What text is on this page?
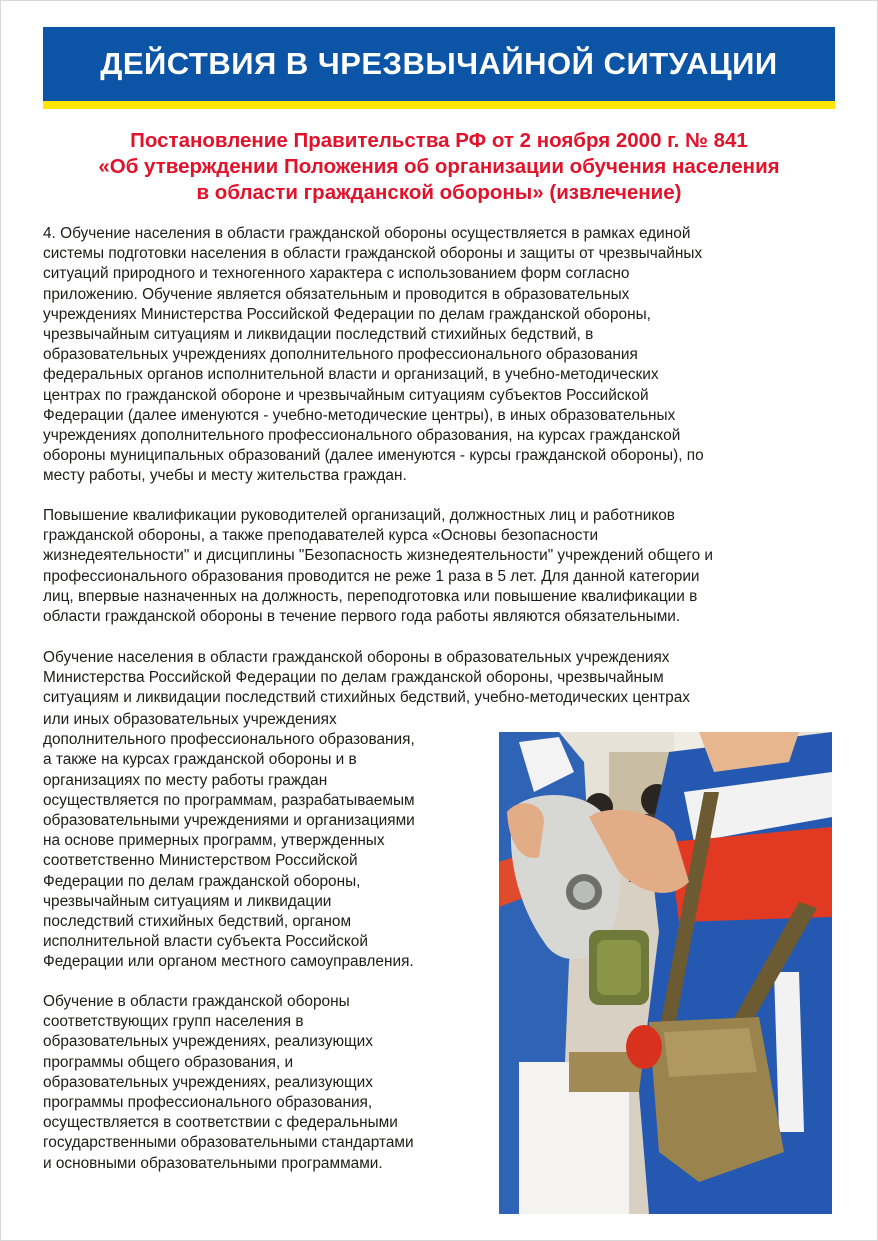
ДЕЙСТВИЯ В ЧРЕЗВЫЧАЙНОЙ СИТУАЦИИ
Постановление Правительства РФ от 2 ноября 2000 г. № 841
«Об утверждении Положения об организации обучения населения
в области гражданской обороны» (извлечение)
4. Обучение населения в области гражданской обороны осуществляется в рамках единой
системы подготовки населения в области гражданской обороны и защиты от чрезвычайных
ситуаций природного и техногенного характера с использованием форм согласно
приложению. Обучение является обязательным и проводится в образовательных
учреждениях Министерства Российской Федерации по делам гражданской обороны,
чрезвычайным ситуациям и ликвидации последствий стихийных бедствий, в
образовательных учреждениях дополнительного профессионального образования
федеральных органов исполнительной власти и организаций, в учебно-методических
центрах по гражданской обороне и чрезвычайным ситуациям субъектов Российской
Федерации (далее именуются - учебно-методические центры), в иных образовательных
учреждениях дополнительного профессионального образования, на курсах гражданской
обороны муниципальных образований (далее именуются - курсы гражданской обороны), по
месту работы, учебы и месту жительства граждан.
Повышение квалификации руководителей организаций, должностных лиц и работников
гражданской обороны, а также преподавателей курса «Основы безопасности
жизнедеятельности" и дисциплины "Безопасность жизнедеятельности" учреждений общего и
профессионального образования проводится не реже 1 раза в 5 лет. Для данной категории
лиц, впервые назначенных на должность, переподготовка или повышение квалификации в
области гражданской обороны в течение первого года работы являются обязательными.
Обучение населения в области гражданской обороны в образовательных учреждениях
Министерства Российской Федерации по делам гражданской обороны, чрезвычайным
ситуациям и ликвидации последствий стихийных бедствий, учебно-методических центрах
или иных образовательных учреждениях
дополнительного профессионального образования,
а также на курсах гражданской обороны и в
организациях по месту работы граждан
осуществляется по программам, разрабатываемым
образовательными учреждениями и организациями
на основе примерных программ, утвержденных
соответственно Министерством Российской
Федерации по делам гражданской обороны,
чрезвычайным ситуациям и ликвидации
последствий стихийных бедствий, органом
исполнительной власти субъекта Российской
Федерации или органом местного самоуправления.
Обучение в области гражданской обороны
соответствующих групп населения в
образовательных учреждениях, реализующих
программы общего образования, и
образовательных учреждениях, реализующих
программы профессионального образования,
осуществляется в соответствии с федеральными
государственными образовательными стандартами
и основными образовательными программами.
